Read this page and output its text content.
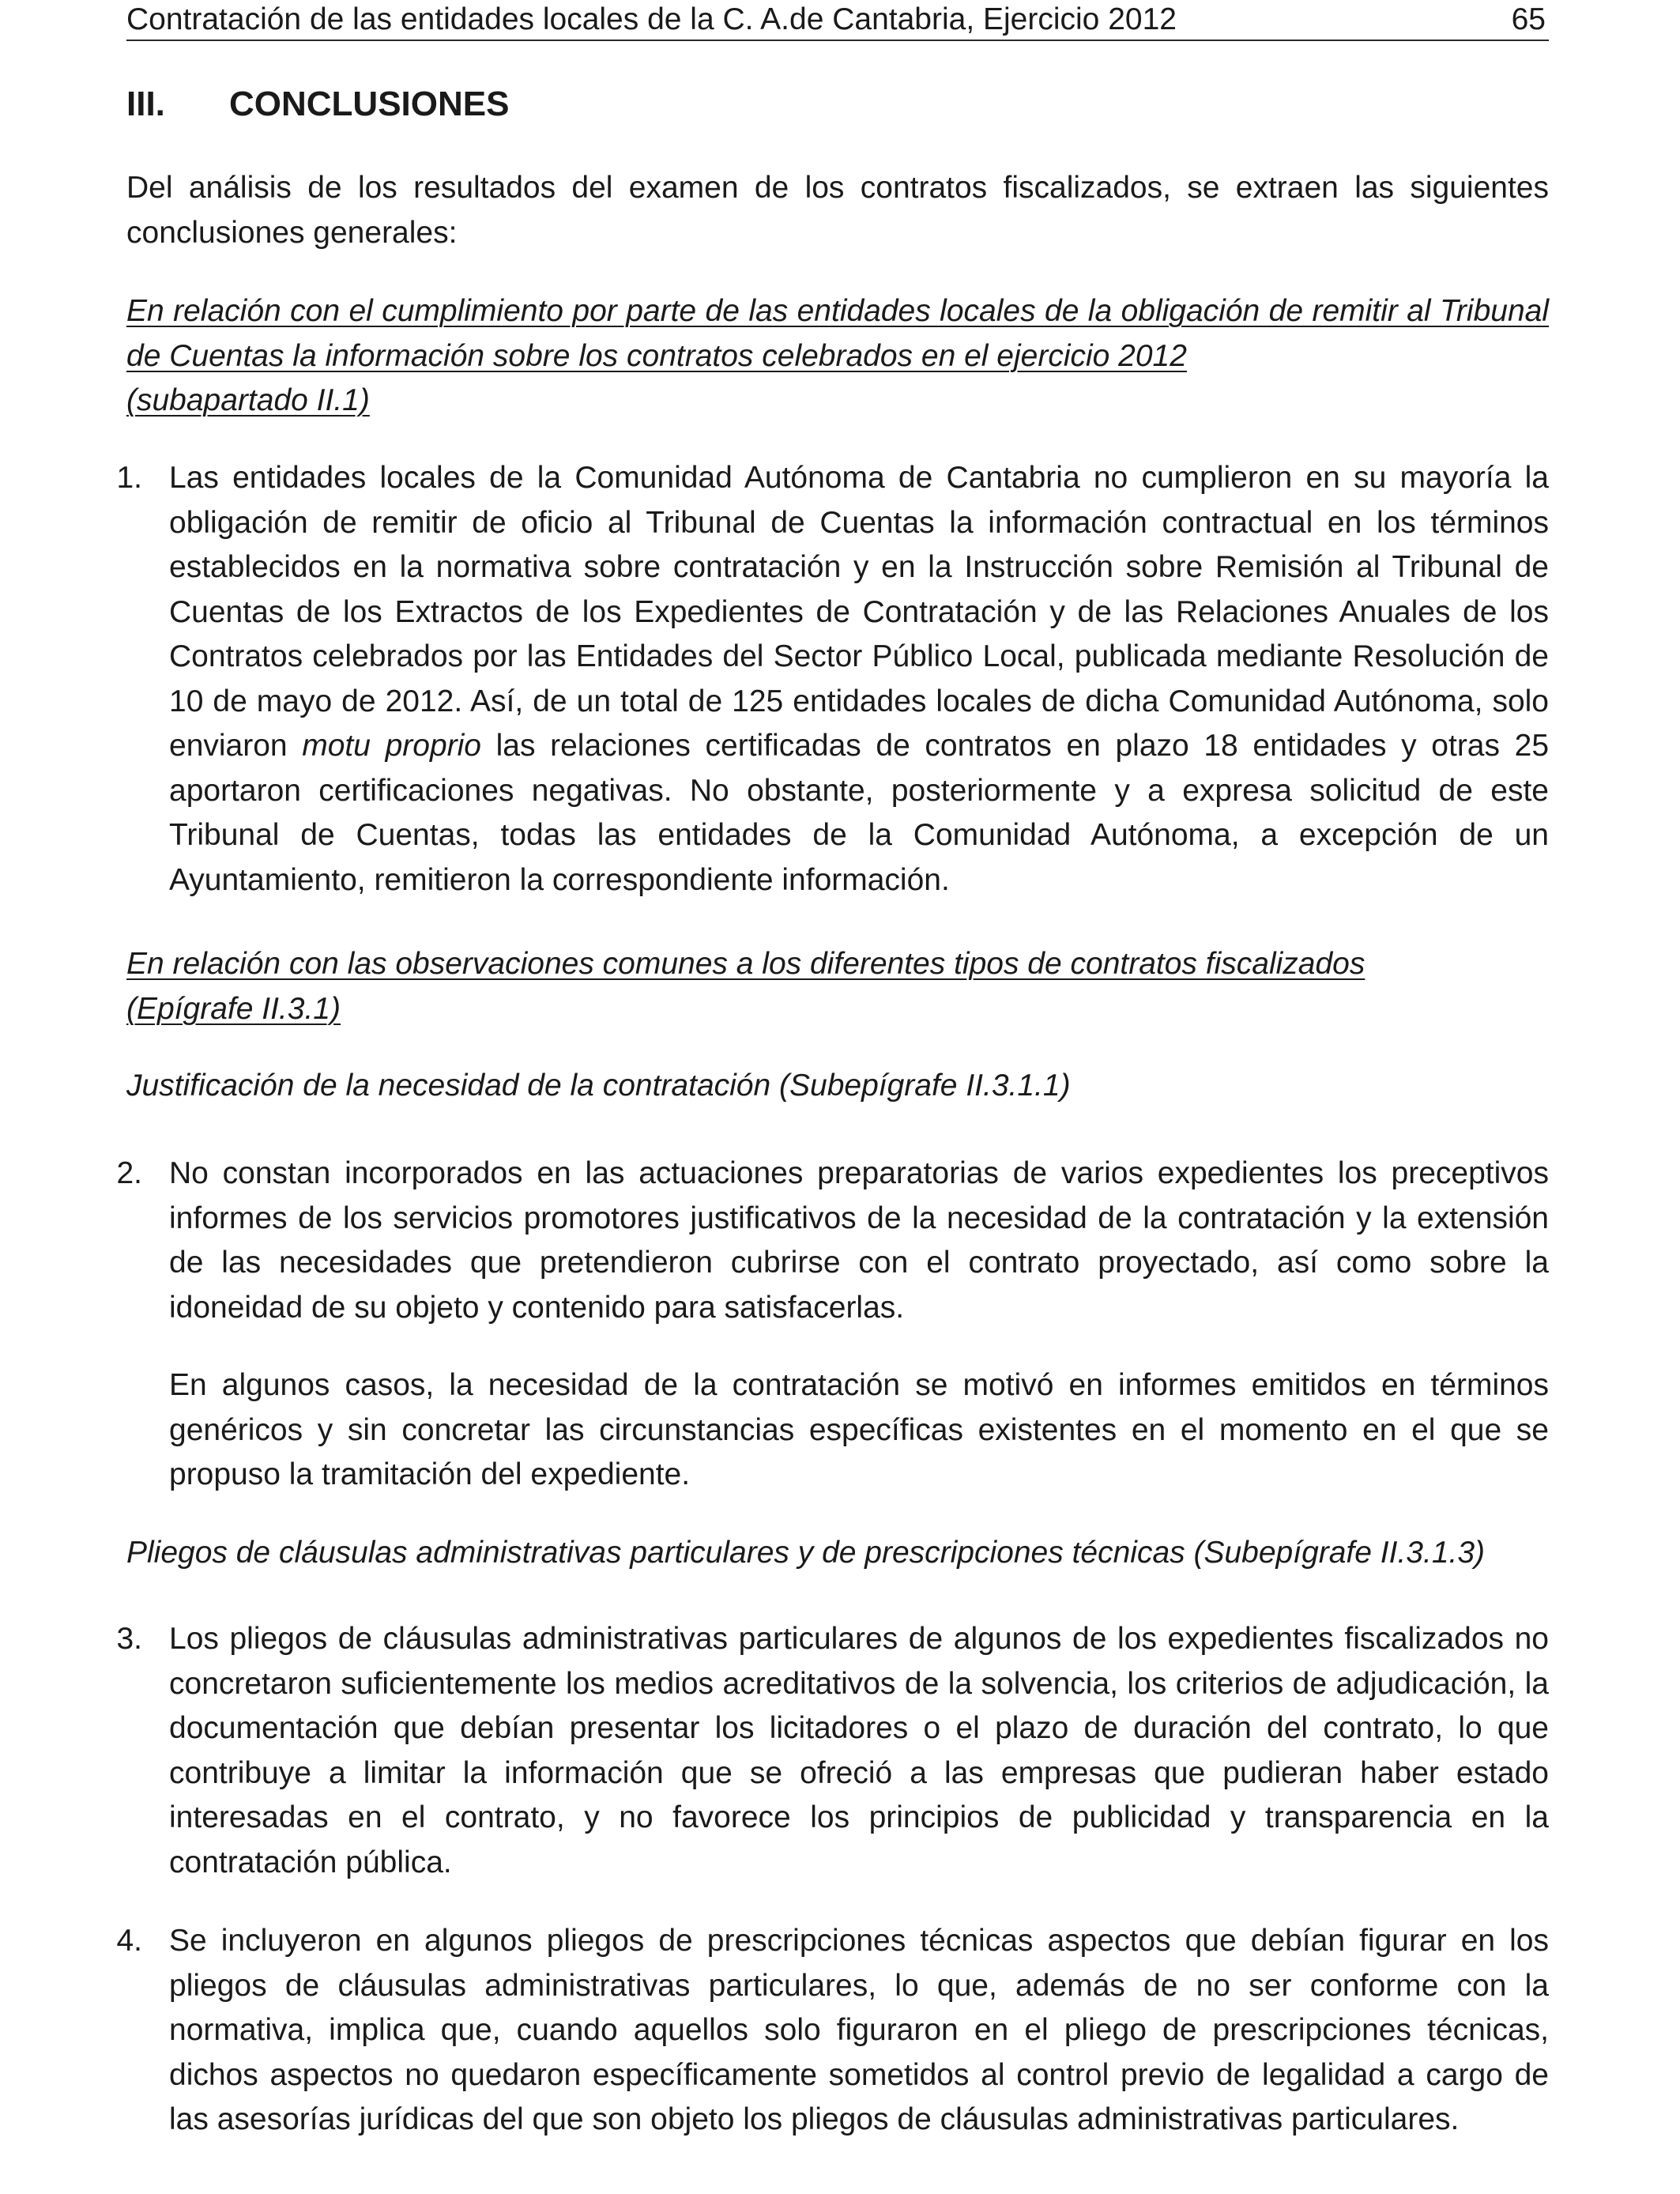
Contratación de las entidades locales de la C. A.de Cantabria, Ejercicio 2012	65
III. CONCLUSIONES

Del análisis de los resultados del examen de los contratos fiscalizados, se extraen las siguientes conclusiones generales:

En relación con el cumplimiento por parte de las entidades locales de la obligación de remitir al Tribunal de Cuentas la información sobre los contratos celebrados en el ejercicio 2012
(subapartado II.1)

1. Las entidades locales de la Comunidad Autónoma de Cantabria no cumplieron en su mayoría la obligación de remitir de oficio al Tribunal de Cuentas la información contractual en los términos establecidos en la normativa sobre contratación y en la Instrucción sobre Remisión al Tribunal de Cuentas de los Extractos de los Expedientes de Contratación y de las Relaciones Anuales de los Contratos celebrados por las Entidades del Sector Público Local, publicada mediante Resolución de 10 de mayo de 2012. Así, de un total de 125 entidades locales de dicha Comunidad Autónoma, solo enviaron motu proprio las relaciones certificadas de contratos en plazo 18 entidades y otras 25 aportaron certificaciones negativas. No obstante, posteriormente y a expresa solicitud de este Tribunal de Cuentas, todas las entidades de la Comunidad Autónoma, a excepción de un Ayuntamiento, remitieron la correspondiente información.

En relación con las observaciones comunes a los diferentes tipos de contratos fiscalizados
(Epígrafe II.3.1)

Justificación de la necesidad de la contratación (Subepígrafe II.3.1.1)

2. No constan incorporados en las actuaciones preparatorias de varios expedientes los preceptivos informes de los servicios promotores justificativos de la necesidad de la contratación y la extensión de las necesidades que pretendieron cubrirse con el contrato proyectado, así como sobre la idoneidad de su objeto y contenido para satisfacerlas.

En algunos casos, la necesidad de la contratación se motivó en informes emitidos en términos genéricos y sin concretar las circunstancias específicas existentes en el momento en el que se propuso la tramitación del expediente.

Pliegos de cláusulas administrativas particulares y de prescripciones técnicas (Subepígrafe II.3.1.3)

3. Los pliegos de cláusulas administrativas particulares de algunos de los expedientes fiscalizados no concretaron suficientemente los medios acreditativos de la solvencia, los criterios de adjudicación, la documentación que debían presentar los licitadores o el plazo de duración del contrato, lo que contribuye a limitar la información que se ofreció a las empresas que pudieran haber estado interesadas en el contrato, y no favorece los principios de publicidad y transparencia en la contratación pública.

4. Se incluyeron en algunos pliegos de prescripciones técnicas aspectos que debían figurar en los pliegos de cláusulas administrativas particulares, lo que, además de no ser conforme con la normativa, implica que, cuando aquellos solo figuraron en el pliego de prescripciones técnicas, dichos aspectos no quedaron específicamente sometidos al control previo de legalidad a cargo de las asesorías jurídicas del que son objeto los pliegos de cláusulas administrativas particulares.
